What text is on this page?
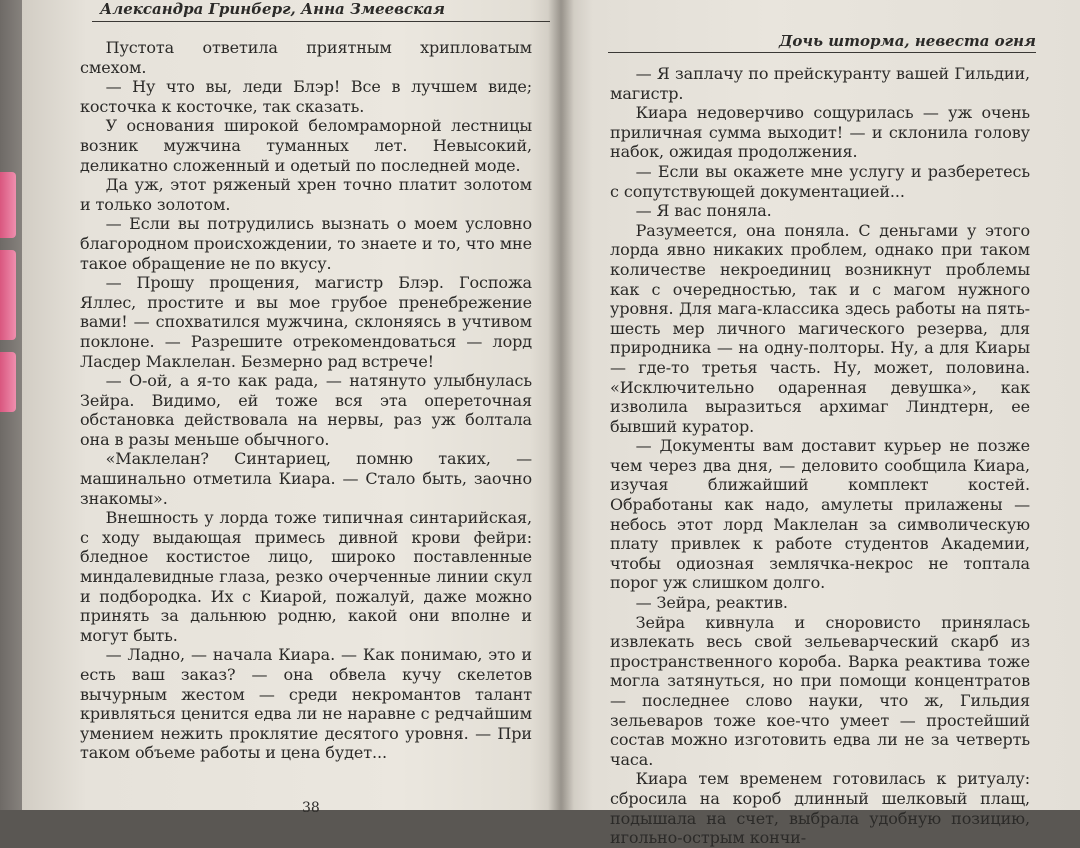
Александра Гринберг, Анна Змеевская

Пустота ответила приятным хрипловатым смехом.

— Ну что вы, леди Блэр! Все в лучшем виде; косточка к косточке, так сказать.

У основания широкой беломраморной лестницы возник мужчина туманных лет. Невысокий, деликатно сложенный и одетый по последней моде.

Да уж, этот ряженый хрен точно платит золотом и только золотом.

— Если вы потрудились вызнать о моем условно благородном происхождении, то знаете и то, что мне такое обращение не по вкусу.

— Прошу прощения, магистр Блэр. Госпожа Яллес, простите и вы мое грубое пренебрежение вами! — спохватился мужчина, склоняясь в учтивом поклоне. — Разрешите отрекомендоваться — лорд Ласдер Маклелан. Безмерно рад встрече!

— О-ой, а я-то как рада, — натянуто улыбнулась Зейра. Видимо, ей тоже вся эта опереточная обстановка действовала на нервы, раз уж болтала она в разы меньше обычного.

«Маклелан? Синтариец, помню таких, — машинально отметила Киара. — Стало быть, заочно знакомы».

Внешность у лорда тоже типичная синтарийская, с ходу выдающая примесь дивной крови фейри: бледное костистое лицо, широко поставленные миндалевидные глаза, резко очерченные линии скул и подбородка. Их с Киарой, пожалуй, даже можно принять за дальнюю родню, какой они вполне и могут быть.

— Ладно, — начала Киара. — Как понимаю, это и есть ваш заказ? — она обвела кучу скелетов вычурным жестом — среди некромантов талант кривляться ценится едва ли не наравне с редчайшим умением нежить проклятие десятого уровня. — При таком объеме работы и цена будет...

38
Дочь шторма, невеста огня

— Я заплачу по прейскуранту вашей Гильдии, магистр.

Киара недоверчиво сощурилась — уж очень приличная сумма выходит! — и склонила голову набок, ожидая продолжения.

— Если вы окажете мне услугу и разберетесь с сопутствующей документацией...

— Я вас поняла.

Разумеется, она поняла. С деньгами у этого лорда явно никаких проблем, однако при таком количестве некроединиц возникнут проблемы как с очередностью, так и с магом нужного уровня. Для мага-классика здесь работы на пять-шесть мер личного магического резерва, для природника — на одну-полторы. Ну, а для Киары — где-то третья часть. Ну, может, половина. «Исключительно одаренная девушка», как изволила выразиться архимаг Линдтерн, ее бывший куратор.

— Документы вам доставит курьер не позже чем через два дня, — деловито сообщила Киара, изучая ближайший комплект костей. Обработаны как надо, амулеты прилажены — небось этот лорд Маклелан за символическую плату привлек к работе студентов Академии, чтобы одиозная землячка-некрос не топтала порог уж слишком долго.

— Зейра, реактив.

Зейра кивнула и сноровисто принялась извлекать весь свой зельеварческий скарб из пространственного короба. Варка реактива тоже могла затянуться, но при помощи концентратов — последнее слово науки, что ж, Гильдия зельеваров тоже кое-что умеет — простейший состав можно изготовить едва ли не за четверть часа.

Киара тем временем готовилась к ритуалу: сбросила на короб длинный шелковый плащ, подышала на счет, выбрала удобную позицию, игольно-острым кончи-
